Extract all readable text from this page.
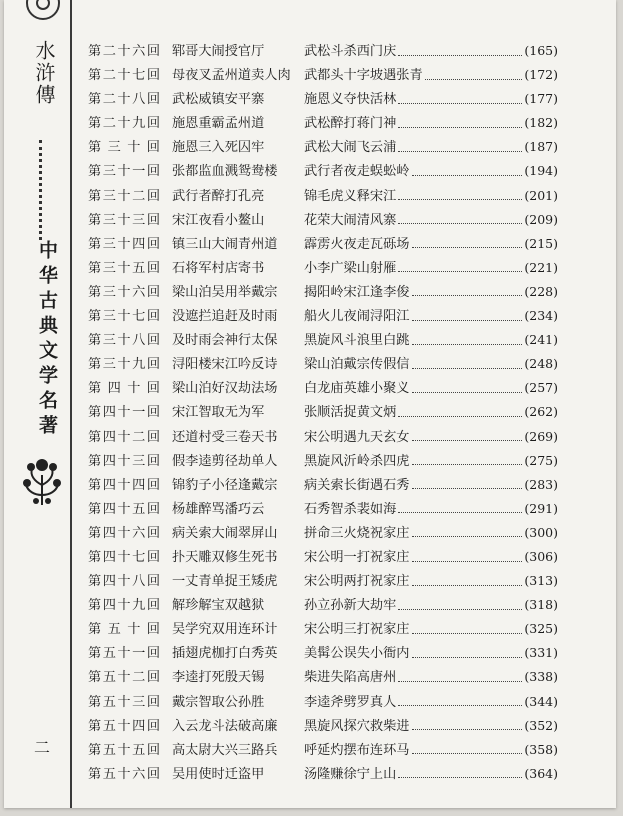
水浒傳
中华古典文学名著
二
第 二 十 六 回 郓哥大闹授官厅	武松斗杀西门庆	(165)
第 二 十 七 回 母夜叉孟州道卖人肉	武都头十字坡遇张青	(172)
第 二 十 八 回 武松威镇安平寨	施恩义夺快活林	(177)
第 二 十 九 回 施恩重霸孟州道	武松醉打蒋门神	(182)
第 三 十 回 施恩三入死囚牢	武松大闹飞云浦	(187)
第 三 十 一 回 张都监血溅鸳鸯楼	武行者夜走蜈蚣岭	(194)
第 三 十 二 回 武行者醉打孔亮	锦毛虎义释宋江	(201)
第 三 十 三 回 宋江夜看小鳌山	花荣大闹清风寨	(209)
第 三 十 四 回 镇三山大闹青州道	霹雳火夜走瓦砾场	(215)
第 三 十 五 回 石将军村店寄书	小李广梁山射雁	(221)
第 三 十 六 回 梁山泊吴用举戴宗	揭阳岭宋江逢李俊	(228)
第 三 十 七 回 没遮拦追赶及时雨	船火儿夜闹浔阳江	(234)
第 三 十 八 回 及时雨会神行太保	黑旋风斗浪里白跳	(241)
第 三 十 九 回 浔阳楼宋江吟反诗	梁山泊戴宗传假信	(248)
第 四 十 回 梁山泊好汉劫法场	白龙庙英雄小聚义	(257)
第 四 十 一 回 宋江智取无为军	张顺活捉黄文炳	(262)
第 四 十 二 回 还道村受三卷天书	宋公明遇九天玄女	(269)
第 四 十 三 回 假李逵剪径劫单人	黑旋风沂岭杀四虎	(275)
第 四 十 四 回 锦豹子小径逢戴宗	病关索长街遇石秀	(283)
第 四 十 五 回 杨雄醉骂潘巧云	石秀智杀裴如海	(291)
第 四 十 六 回 病关索大闹翠屏山	拼命三火烧祝家庄	(300)
第 四 十 七 回 扑天雕双修生死书	宋公明一打祝家庄	(306)
第 四 十 八 回 一丈青单捉王矮虎	宋公明两打祝家庄	(313)
第 四 十 九 回 解珍解宝双越狱	孙立孙新大劫牢	(318)
第 五 十 回 吴学究双用连环计	宋公明三打祝家庄	(325)
第 五 十 一 回 插翅虎枷打白秀英	美髯公误失小衙内	(331)
第 五 十 二 回 李逵打死殷天锡	柴进失陷高唐州	(338)
第 五 十 三 回 戴宗智取公孙胜	李逵斧劈罗真人	(344)
第 五 十 四 回 入云龙斗法破高廉	黑旋风探穴救柴进	(352)
第 五 十 五 回 高太尉大兴三路兵	呼延灼摆布连环马	(358)
第 五 十 六 回 吴用使时迁盗甲	汤隆赚徐宁上山	(364)
